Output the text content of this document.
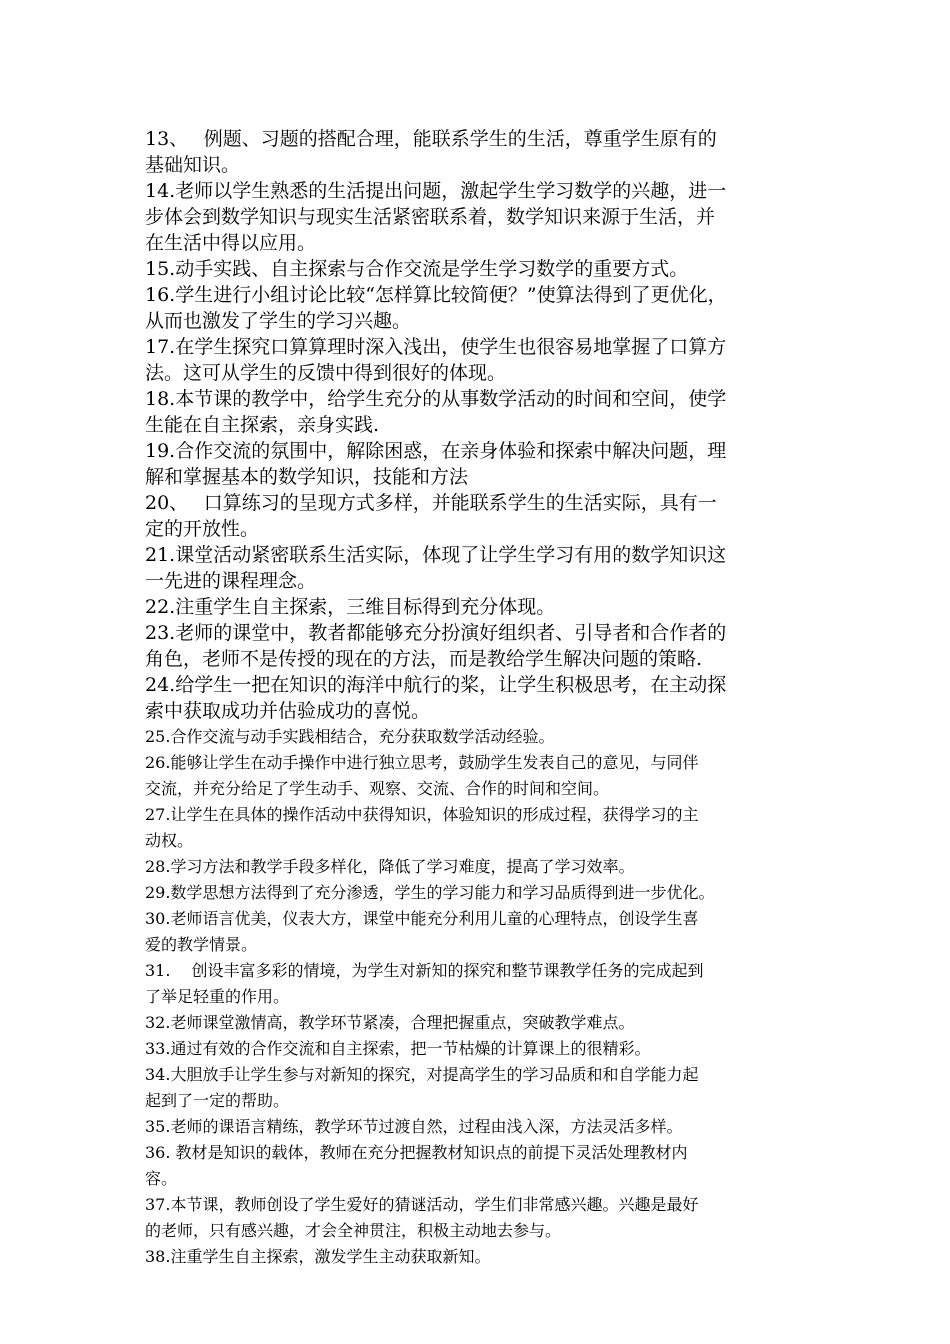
13、　 例题、习题的搭配合理，能联系学生的生活，尊重学生原有的
基础知识。
14.老师以学生熟悉的生活提出问题，激起学生学习数学的兴趣，进一
步体会到数学知识与现实生活紧密联系着，数学知识来源于生活，并
在生活中得以应用。
15.动手实践、自主探索与合作交流是学生学习数学的重要方式。
16.学生进行小组讨论比较“怎样算比较简便？”使算法得到了更优化，
从而也激发了学生的学习兴趣。
17.在学生探究口算算理时深入浅出，使学生也很容易地掌握了口算方
法。这可从学生的反馈中得到很好的体现。
18.本节课的教学中，给学生充分的从事数学活动的时间和空间，使学
生能在自主探索，亲身实践.
19.合作交流的氛围中，解除困惑，在亲身体验和探索中解决问题，理
解和掌握基本的数学知识，技能和方法
20、　 口算练习的呈现方式多样，并能联系学生的生活实际，具有一
定的开放性。
21.课堂活动紧密联系生活实际，体现了让学生学习有用的数学知识这
一先进的课程理念。
22.注重学生自主探索，三维目标得到充分体现。
23.老师的课堂中，教者都能够充分扮演好组织者、引导者和合作者的
角色，老师不是传授的现在的方法，而是教给学生解决问题的策略.
24.给学生一把在知识的海洋中航行的桨，让学生积极思考，在主动探
索中获取成功并估验成功的喜悦。
25.合作交流与动手实践相结合，充分获取数学活动经验。
26.能够让学生在动手操作中进行独立思考，鼓励学生发表自己的意见，与同伴
交流，并充分给足了学生动手、观察、交流、合作的时间和空间。
27.让学生在具体的操作活动中获得知识，体验知识的形成过程，获得学习的主
动权。
28.学习方法和教学手段多样化，降低了学习难度，提高了学习效率。
29.数学思想方法得到了充分渗透，学生的学习能力和学习品质得到进一步优化。
30.老师语言优美，仪表大方，课堂中能充分利用儿童的心理特点，创设学生喜
爱的教学情景。
31.　 创设丰富多彩的情境，为学生对新知的探究和整节课教学任务的完成起到
了举足轻重的作用。
32.老师课堂激情高，教学环节紧凑，合理把握重点，突破教学难点。
33.通过有效的合作交流和自主探索，把一节枯燥的计算课上的很精彩。
34.大胆放手让学生参与对新知的探究，对提高学生的学习品质和和自学能力起
起到了一定的帮助。
35.老师的课语言精练，教学环节过渡自然，过程由浅入深，方法灵活多样。
36. 教材是知识的载体，教师在充分把握教材知识点的前提下灵活处理教材内
容。
37.本节课，教师创设了学生爱好的猜谜活动，学生们非常感兴趣。兴趣是最好
的老师，只有感兴趣，才会全神贯注，积极主动地去参与。
38.注重学生自主探索，激发学生主动获取新知。
